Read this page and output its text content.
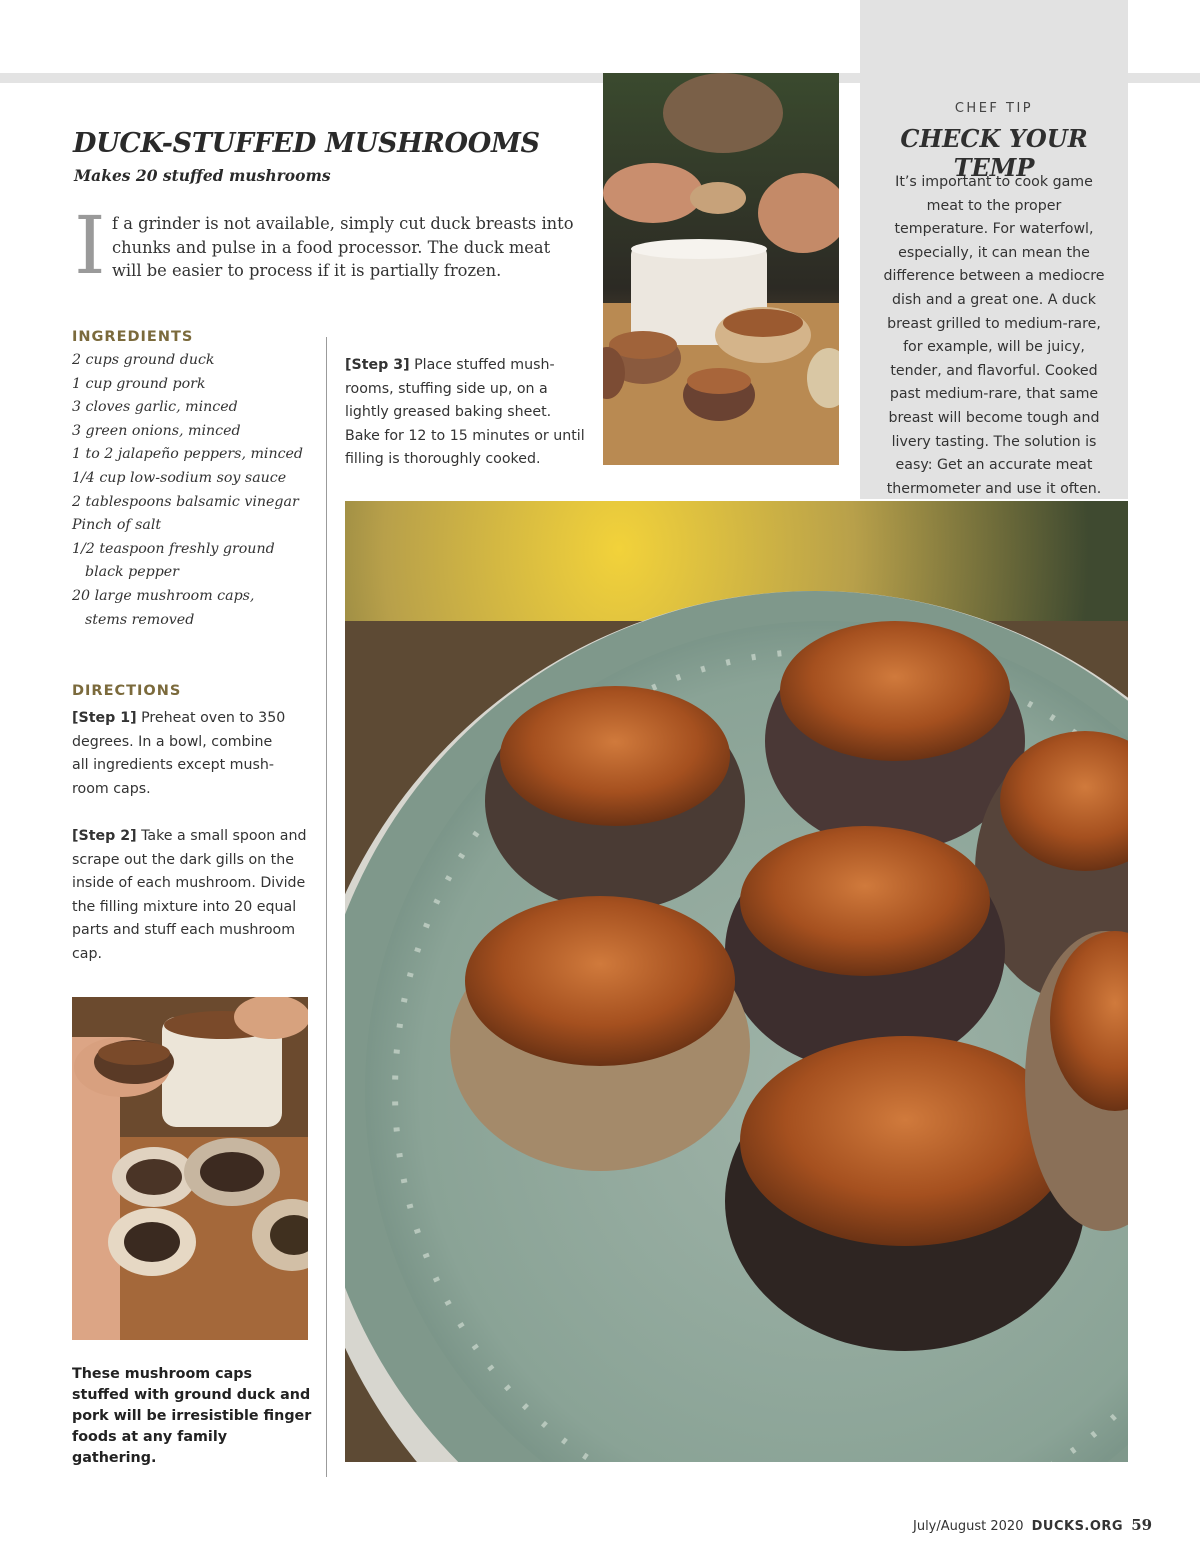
CHEF TIP
CHECK YOUR TEMP
It’s important to cook game meat to the proper temperature. For waterfowl, especially, it can mean the difference between a mediocre dish and a great one. A duck breast grilled to medium-rare, for example, will be juicy, tender, and flavorful. Cooked past medium-rare, that same breast will become tough and livery tasting. The solution is easy: Get an accurate meat thermometer and use it often.
DUCK-STUFFED MUSHROOMS
Makes 20 stuffed mushrooms
I f a grinder is not available, simply cut duck breasts into chunks and pulse in a food processor. The duck meat will be easier to process if it is partially frozen.

INGREDIENTS
2 cups ground duck
1 cup ground pork
3 cloves garlic, minced
3 green onions, minced
1 to 2 jalapeño peppers, minced
1/4 cup low-sodium soy sauce
2 tablespoons balsamic vinegar
Pinch of salt
1/2 teaspoon freshly ground
black pepper
20 large mushroom caps,
stems removed
DIRECTIONS

[Step 1] Preheat oven to 350 degrees. In a bowl, combine all ingredients except mush-room caps.

[Step 2] Take a small spoon and scrape out the dark gills on the inside of each mushroom. Divide the filling mixture into 20 equal parts and stuff each mushroom cap.

[Step 3] Place stuffed mush-rooms, stuffing side up, on a lightly greased baking sheet. Bake for 12 to 15 minutes or until filling is thoroughly cooked.

These mushroom caps stuffed with ground duck and pork will be irresistible finger foods at any family gathering.

July/August 2020 DUCKS.ORG 59
